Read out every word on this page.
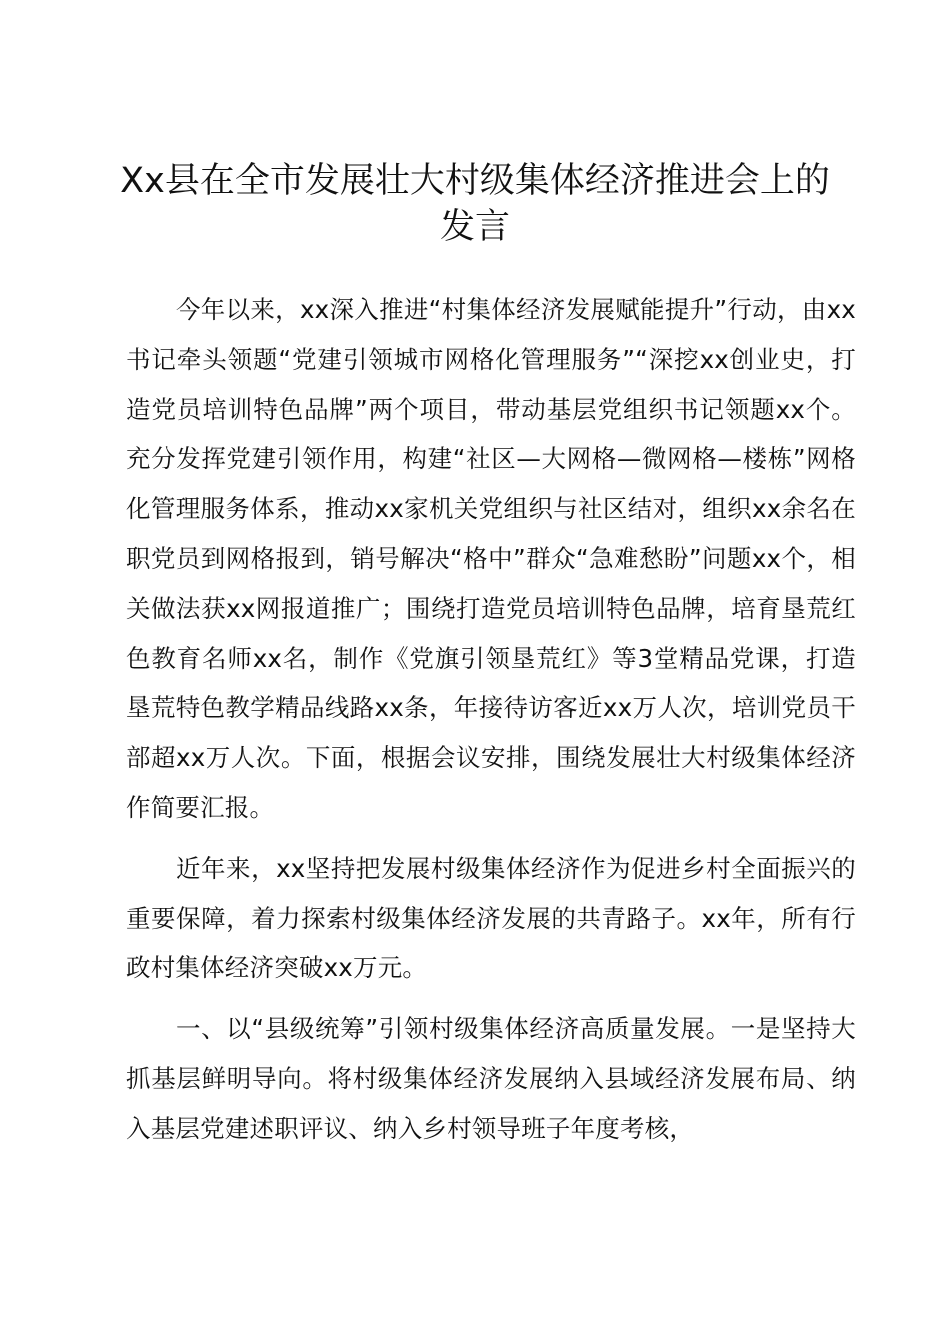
Xx县在全市发展壮大村级集体经济推进会上的发言

今年以来，xx深入推进“村集体经济发展赋能提升”行动，由xx书记牵头领题“党建引领城市网格化管理服务”“深挖xx创业史，打造党员培训特色品牌”两个项目，带动基层党组织书记领题xx个。充分发挥党建引领作用，构建“社区—大网格—微网格—楼栋”网格化管理服务体系，推动xx家机关党组织与社区结对，组织xx余名在职党员到网格报到，销号解决“格中”群众“急难愁盼”问题xx个，相关做法获xx网报道推广；围绕打造党员培训特色品牌，培育垦荒红色教育名师xx名，制作《党旗引领垦荒红》等3堂精品党课，打造垦荒特色教学精品线路xx条，年接待访客近xx万人次，培训党员干部超xx万人次。下面，根据会议安排，围绕发展壮大村级集体经济作简要汇报。

近年来，xx坚持把发展村级集体经济作为促进乡村全面振兴的重要保障，着力探索村级集体经济发展的共青路子。xx年，所有行政村集体经济突破xx万元。

一、以“县级统筹”引领村级集体经济高质量发展。一是坚持大抓基层鲜明导向。将村级集体经济发展纳入县域经济发展布局、纳入基层党建述职评议、纳入乡村领导班子年度考核，
